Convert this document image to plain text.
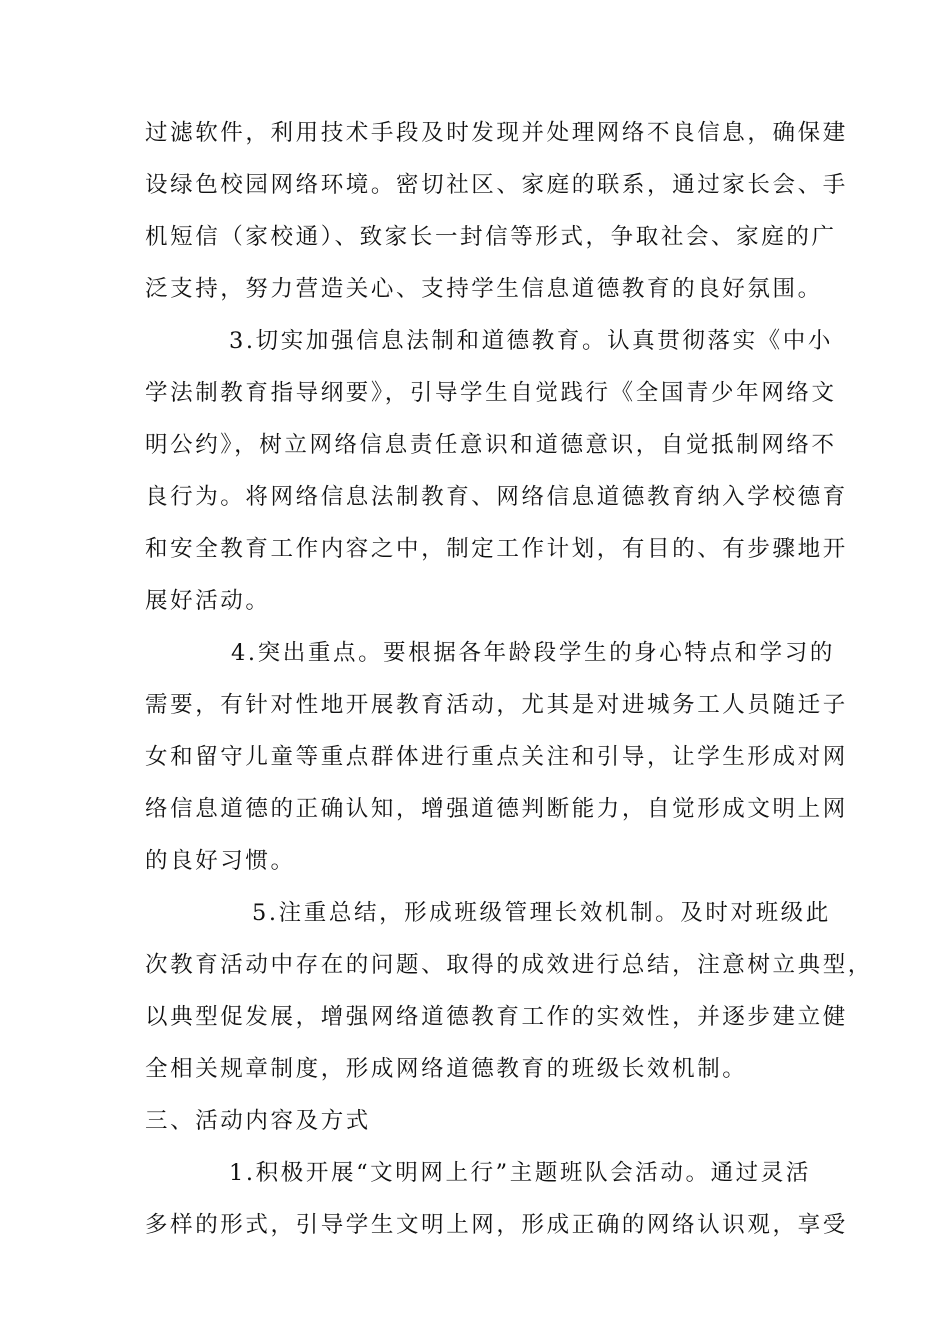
过滤软件，利用技术手段及时发现并处理网络不良信息，确保建
设绿色校园网络环境。密切社区、家庭的联系，通过家长会、手
机短信（家校通）、致家长一封信等形式，争取社会、家庭的广
泛支持，努力营造关心、支持学生信息道德教育的良好氛围。
3.切实加强信息法制和道德教育。认真贯彻落实《中小
学法制教育指导纲要》，引导学生自觉践行《全国青少年网络文
明公约》，树立网络信息责任意识和道德意识，自觉抵制网络不
良行为。将网络信息法制教育、网络信息道德教育纳入学校德育
和安全教育工作内容之中，制定工作计划，有目的、有步骤地开
展好活动。
4.突出重点。要根据各年龄段学生的身心特点和学习的
需要，有针对性地开展教育活动，尤其是对进城务工人员随迁子
女和留守儿童等重点群体进行重点关注和引导，让学生形成对网
络信息道德的正确认知，增强道德判断能力，自觉形成文明上网
的良好习惯。
5.注重总结，形成班级管理长效机制。及时对班级此
次教育活动中存在的问题、取得的成效进行总结，注意树立典型，
以典型促发展，增强网络道德教育工作的实效性，并逐步建立健
全相关规章制度，形成网络道德教育的班级长效机制。
三、活动内容及方式
1.积极开展“文明网上行”主题班队会活动。通过灵活
多样的形式，引导学生文明上网，形成正确的网络认识观，享受
